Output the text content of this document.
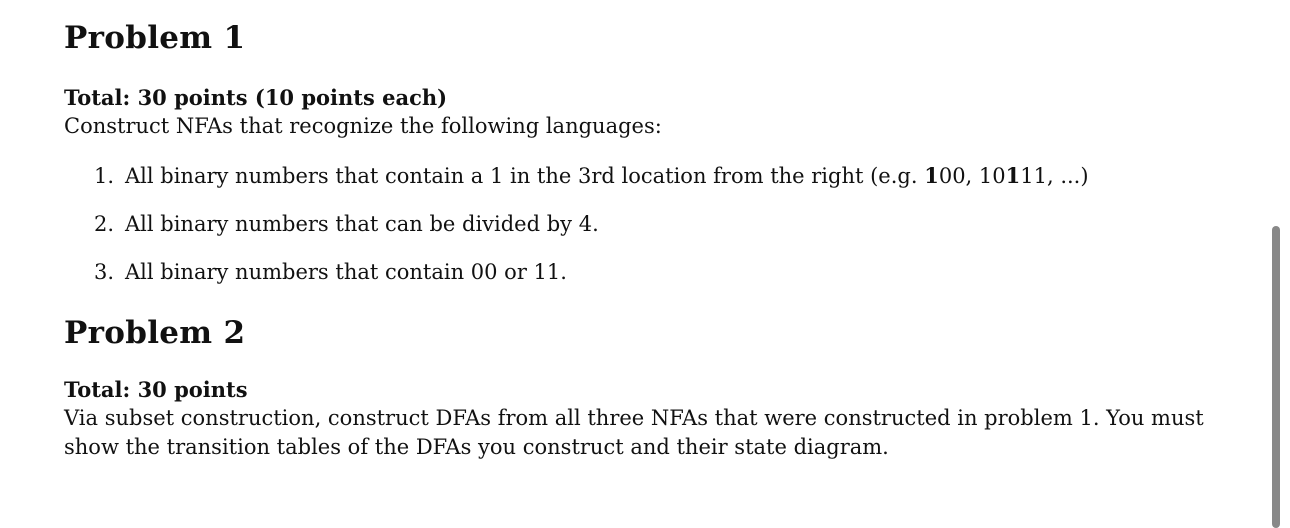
Problem 1
Total: 30 points (10 points each)
Construct NFAs that recognize the following languages:
1. All binary numbers that contain a 1 in the 3rd location from the right (e.g. 100, 10111, ...)
2. All binary numbers that can be divided by 4.
3. All binary numbers that contain 00 or 11.
Problem 2
Total: 30 points
Via subset construction, construct DFAs from all three NFAs that were constructed in problem 1. You must
show the transition tables of the DFAs you construct and their state diagram.
